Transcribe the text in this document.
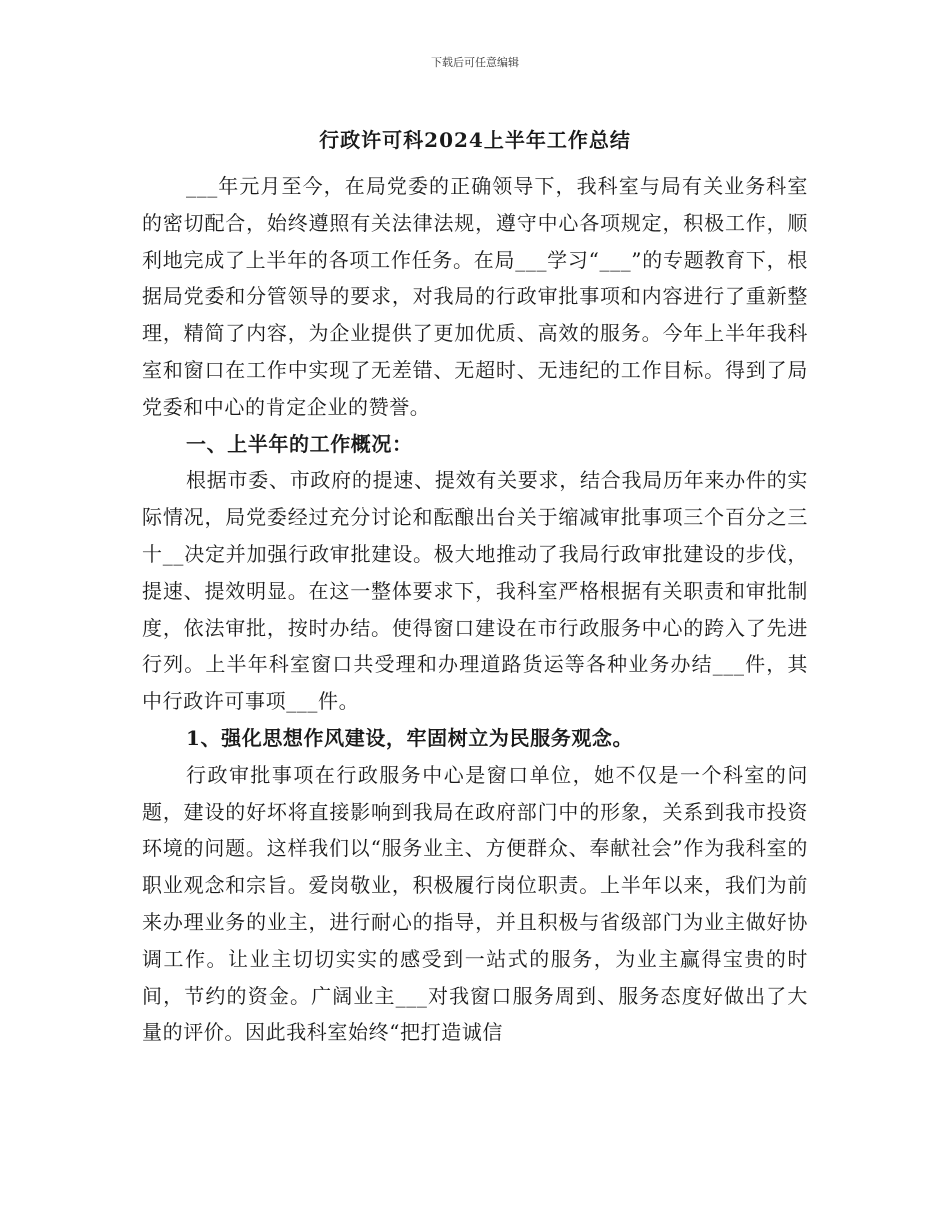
下载后可任意编辑
行政许可科2024上半年工作总结

___年元月至今，在局党委的正确领导下，我科室与局有关业务科室的密切配合，始终遵照有关法律法规，遵守中心各项规定，积极工作，顺利地完成了上半年的各项工作任务。在局___学习“___”的专题教育下，根据局党委和分管领导的要求，对我局的行政审批事项和内容进行了重新整理，精简了内容，为企业提供了更加优质、高效的服务。今年上半年我科室和窗口在工作中实现了无差错、无超时、无违纪的工作目标。得到了局党委和中心的肯定企业的赞誉。

一、上半年的工作概况：

根据市委、市政府的提速、提效有关要求，结合我局历年来办件的实际情况，局党委经过充分讨论和酝酿出台关于缩减审批事项三个百分之三十__决定并加强行政审批建设。极大地推动了我局行政审批建设的步伐，提速、提效明显。在这一整体要求下，我科室严格根据有关职责和审批制度，依法审批，按时办结。使得窗口建设在市行政服务中心的跨入了先进行列。上半年科室窗口共受理和办理道路货运等各种业务办结___件，其中行政许可事项___件。

1、强化思想作风建设，牢固树立为民服务观念。

行政审批事项在行政服务中心是窗口单位，她不仅是一个科室的问题，建设的好坏将直接影响到我局在政府部门中的形象，关系到我市投资环境的问题。这样我们以“服务业主、方便群众、奉献社会”作为我科室的职业观念和宗旨。爱岗敬业，积极履行岗位职责。上半年以来，我们为前来办理业务的业主，进行耐心的指导，并且积极与省级部门为业主做好协调工作。让业主切切实实的感受到一站式的服务，为业主赢得宝贵的时间，节约的资金。广阔业主___对我窗口服务周到、服务态度好做出了大量的评价。因此我科室始终“把打造诚信
